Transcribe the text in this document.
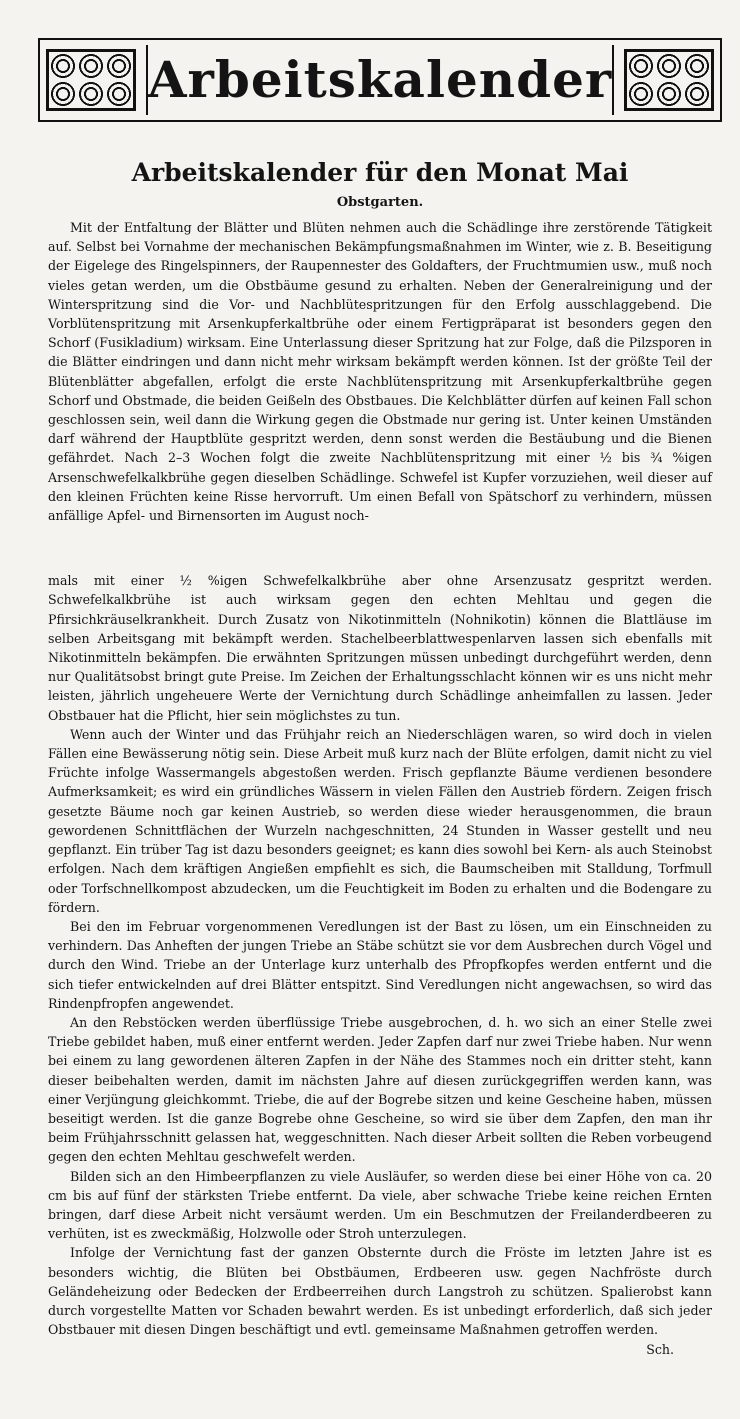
Arbeitskalender
Arbeitskalender für den Monat Mai
Obstgarten.

Mit der Entfaltung der Blätter und Blüten nehmen auch die Schädlinge ihre zerstörende Tätigkeit auf. Selbst bei Vornahme der mechanischen Bekämpfungsmaßnahmen im Winter, wie z. B. Beseitigung der Eigelege des Ringelspinners, der Raupennester des Goldafters, der Fruchtmumien usw., muß noch vieles getan werden, um die Obstbäume gesund zu erhalten. Neben der Generalreinigung und der Winterspritzung sind die Vor- und Nachblütespritzungen für den Erfolg ausschlaggebend. Die Vorblütenspritzung mit Arsenkupferkaltbrühe oder einem Fertigpräparat ist besonders gegen den Schorf (Fusikladium) wirksam. Eine Unterlassung dieser Spritzung hat zur Folge, daß die Pilzsporen in die Blätter eindringen und dann nicht mehr wirksam bekämpft werden können. Ist der größte Teil der Blütenblätter abgefallen, erfolgt die erste Nachblütenspritzung mit Arsenkupferkaltbrühe gegen Schorf und Obstmade, die beiden Geißeln des Obstbaues. Die Kelchblätter dürfen auf keinen Fall schon geschlossen sein, weil dann die Wirkung gegen die Obstmade nur gering ist. Unter keinen Umständen darf während der Hauptblüte gespritzt werden, denn sonst werden die Bestäubung und die Bienen gefährdet. Nach 2–3 Wochen folgt die zweite Nachblütenspritzung mit einer ½ bis ¾ %igen Arsenschwefelkalkbrühe gegen dieselben Schädlinge. Schwefel ist Kupfer vorzuziehen, weil dieser auf den kleinen Früchten keine Risse hervorruft. Um einen Befall von Spätschorf zu verhindern, müssen anfällige Apfel- und Birnensorten im August noch-

mals mit einer ½ %igen Schwefelkalkbrühe aber ohne Arsenzusatz gespritzt werden. Schwefelkalkbrühe ist auch wirksam gegen den echten Mehltau und gegen die Pfirsichkräuselkrankheit. Durch Zusatz von Nikotinmitteln (Nohnikotin) können die Blattläuse im selben Arbeitsgang mit bekämpft werden. Stachelbeerblattwespenlarven lassen sich ebenfalls mit Nikotinmitteln bekämpfen. Die erwähnten Spritzungen müssen unbedingt durchgeführt werden, denn nur Qualitätsobst bringt gute Preise. Im Zeichen der Erhaltungsschlacht können wir es uns nicht mehr leisten, jährlich ungeheuere Werte der Vernichtung durch Schädlinge anheimfallen zu lassen. Jeder Obstbauer hat die Pflicht, hier sein möglichstes zu tun.

Wenn auch der Winter und das Frühjahr reich an Niederschlägen waren, so wird doch in vielen Fällen eine Bewässerung nötig sein. Diese Arbeit muß kurz nach der Blüte erfolgen, damit nicht zu viel Früchte infolge Wassermangels abgestoßen werden. Frisch gepflanzte Bäume verdienen besondere Aufmerksamkeit; es wird ein gründliches Wässern in vielen Fällen den Austrieb fördern. Zeigen frisch gesetzte Bäume noch gar keinen Austrieb, so werden diese wieder herausgenommen, die braun gewordenen Schnittflächen der Wurzeln nachgeschnitten, 24 Stunden in Wasser gestellt und neu gepflanzt. Ein trüber Tag ist dazu besonders geeignet; es kann dies sowohl bei Kern- als auch Steinobst erfolgen. Nach dem kräftigen Angießen empfiehlt es sich, die Baumscheiben mit Stalldung, Torfmull oder Torfschnellkompost abzudecken, um die Feuchtigkeit im Boden zu erhalten und die Bodengare zu fördern.

Bei den im Februar vorgenommenen Veredlungen ist der Bast zu lösen, um ein Einschneiden zu verhindern. Das Anheften der jungen Triebe an Stäbe schützt sie vor dem Ausbrechen durch Vögel und durch den Wind. Triebe an der Unterlage kurz unterhalb des Pfropfkopfes werden entfernt und die sich tiefer entwickelnden auf drei Blätter entspitzt. Sind Veredlungen nicht angewachsen, so wird das Rindenpfropfen angewendet.

An den Rebstöcken werden überflüssige Triebe ausgebrochen, d. h. wo sich an einer Stelle zwei Triebe gebildet haben, muß einer entfernt werden. Jeder Zapfen darf nur zwei Triebe haben. Nur wenn bei einem zu lang gewordenen älteren Zapfen in der Nähe des Stammes noch ein dritter steht, kann dieser beibehalten werden, damit im nächsten Jahre auf diesen zurückgegriffen werden kann, was einer Verjüngung gleichkommt. Triebe, die auf der Bogrebe sitzen und keine Gescheine haben, müssen beseitigt werden. Ist die ganze Bogrebe ohne Gescheine, so wird sie über dem Zapfen, den man ihr beim Frühjahrsschnitt gelassen hat, weggeschnitten. Nach dieser Arbeit sollten die Reben vorbeugend gegen den echten Mehltau geschwefelt werden.

Bilden sich an den Himbeerpflanzen zu viele Ausläufer, so werden diese bei einer Höhe von ca. 20 cm bis auf fünf der stärksten Triebe entfernt. Da viele, aber schwache Triebe keine reichen Ernten bringen, darf diese Arbeit nicht versäumt werden. Um ein Beschmutzen der Freilanderdbeeren zu verhüten, ist es zweckmäßig, Holzwolle oder Stroh unterzulegen.

Infolge der Vernichtung fast der ganzen Obsternte durch die Fröste im letzten Jahre ist es besonders wichtig, die Blüten bei Obstbäumen, Erdbeeren usw. gegen Nachfröste durch Geländeheizung oder Bedecken der Erdbeerreihen durch Langstroh zu schützen. Spalierobst kann durch vorgestellte Matten vor Schaden bewahrt werden. Es ist unbedingt erforderlich, daß sich jeder Obstbauer mit diesen Dingen beschäftigt und evtl. gemeinsame Maßnahmen getroffen werden.

Sch.
